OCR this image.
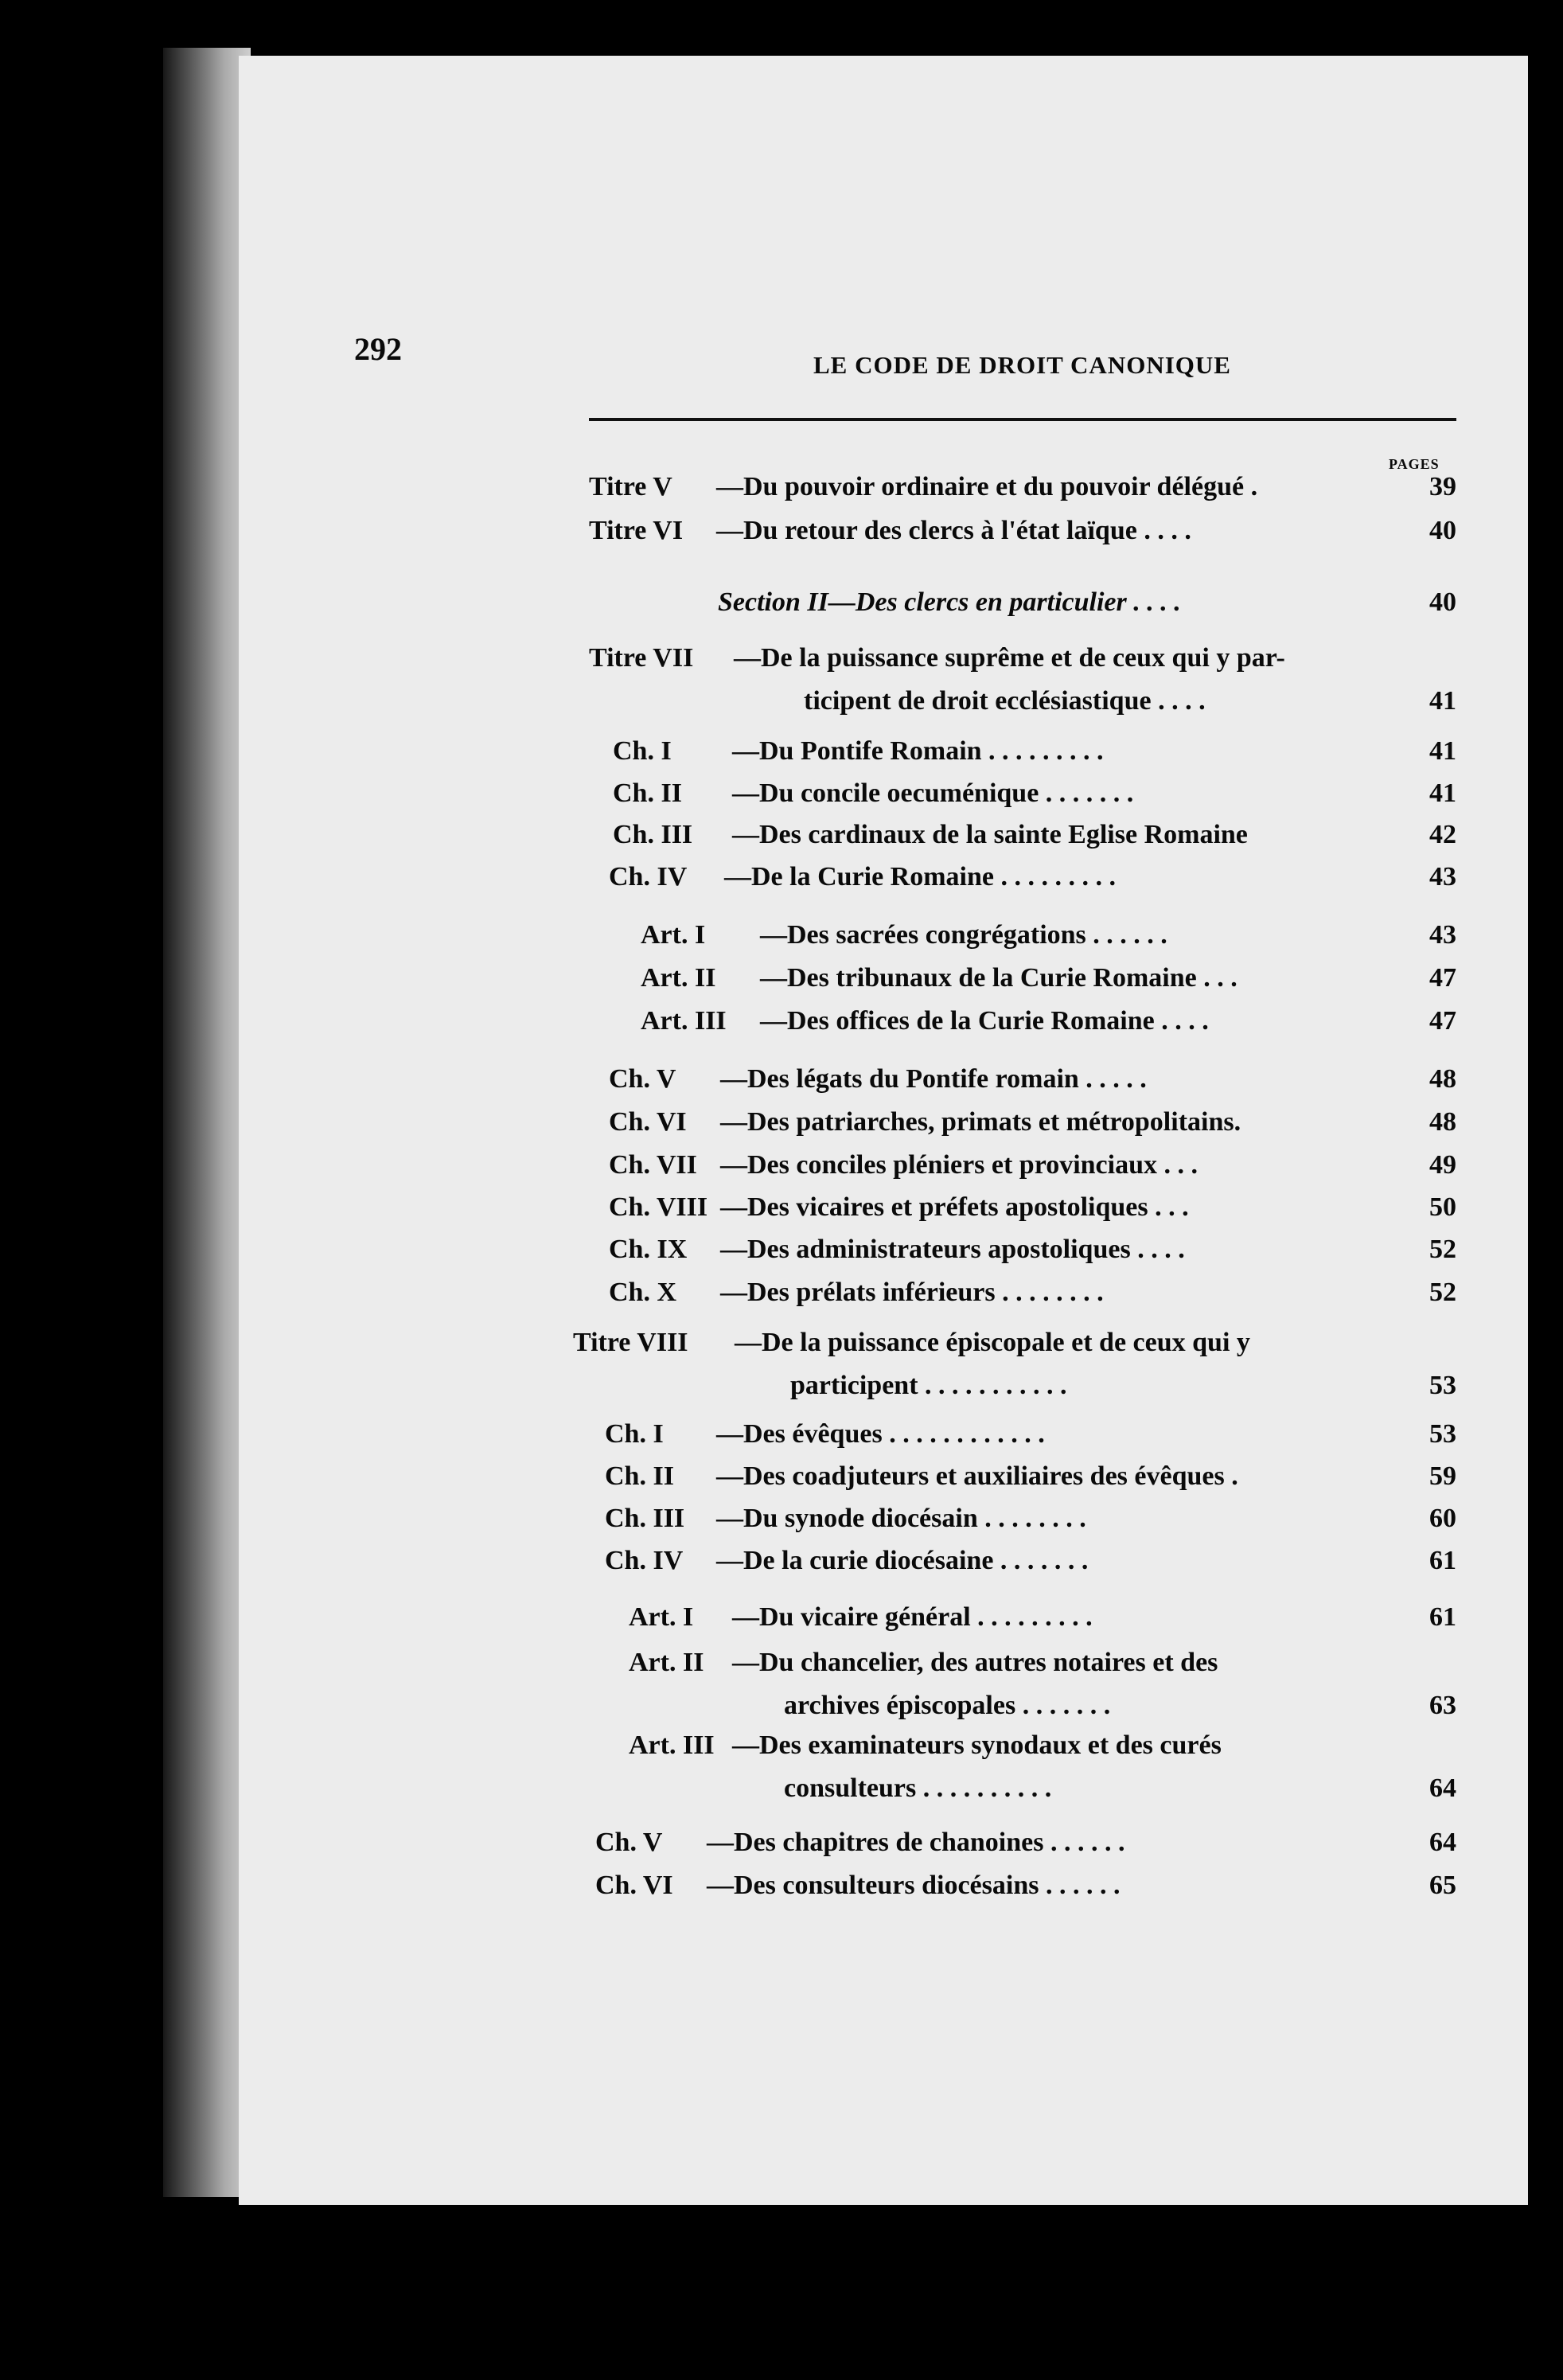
292	LE CODE DE DROIT CANONIQUE
PAGES
Titre V —Du pouvoir ordinaire et du pouvoir délégué .	39
Titre VI —Du retour des clercs à l'état laïque . . . .	40
Section II—Des clercs en particulier . . . .	40
Titre VII —De la puissance suprême et de ceux qui y par-
ticipent de droit ecclésiastique . . . .	41
Ch. I —Du Pontife Romain . . . . . . . . .	41
Ch. II —Du concile oecuménique . . . . . . .	41
Ch. III —Des cardinaux de la sainte Eglise Romaine	42
Ch. IV —De la Curie Romaine . . . . . . . . .	43
Art. I —Des sacrées congrégations . . . . . .	43
Art. II —Des tribunaux de la Curie Romaine . . .	47
Art. III —Des offices de la Curie Romaine . . . .	47
Ch. V —Des légats du Pontife romain . . . . .	48
Ch. VI —Des patriarches, primats et métropolitains.	48
Ch. VII —Des conciles pléniers et provinciaux . . .	49
Ch. VIII —Des vicaires et préfets apostoliques . . .	50
Ch. IX —Des administrateurs apostoliques . . . .	52
Ch. X —Des prélats inférieurs . . . . . . . .	52
Titre VIII —De la puissance épiscopale et de ceux qui y
participent . . . . . . . . . . .	53
Ch. I —Des évêques . . . . . . . . . . . .	53
Ch. II —Des coadjuteurs et auxiliaires des évêques .	59
Ch. III —Du synode diocésain . . . . . . . .	60
Ch. IV —De la curie diocésaine . . . . . . .	61
Art. I —Du vicaire général . . . . . . . . .	61
Art. II —Du chancelier, des autres notaires et des
archives épiscopales . . . . . . .	63
Art. III —Des examinateurs synodaux et des curés
consulteurs . . . . . . . . . .	64
Ch. V —Des chapitres de chanoines . . . . . .	64
Ch. VI —Des consulteurs diocésains . . . . . .	65
